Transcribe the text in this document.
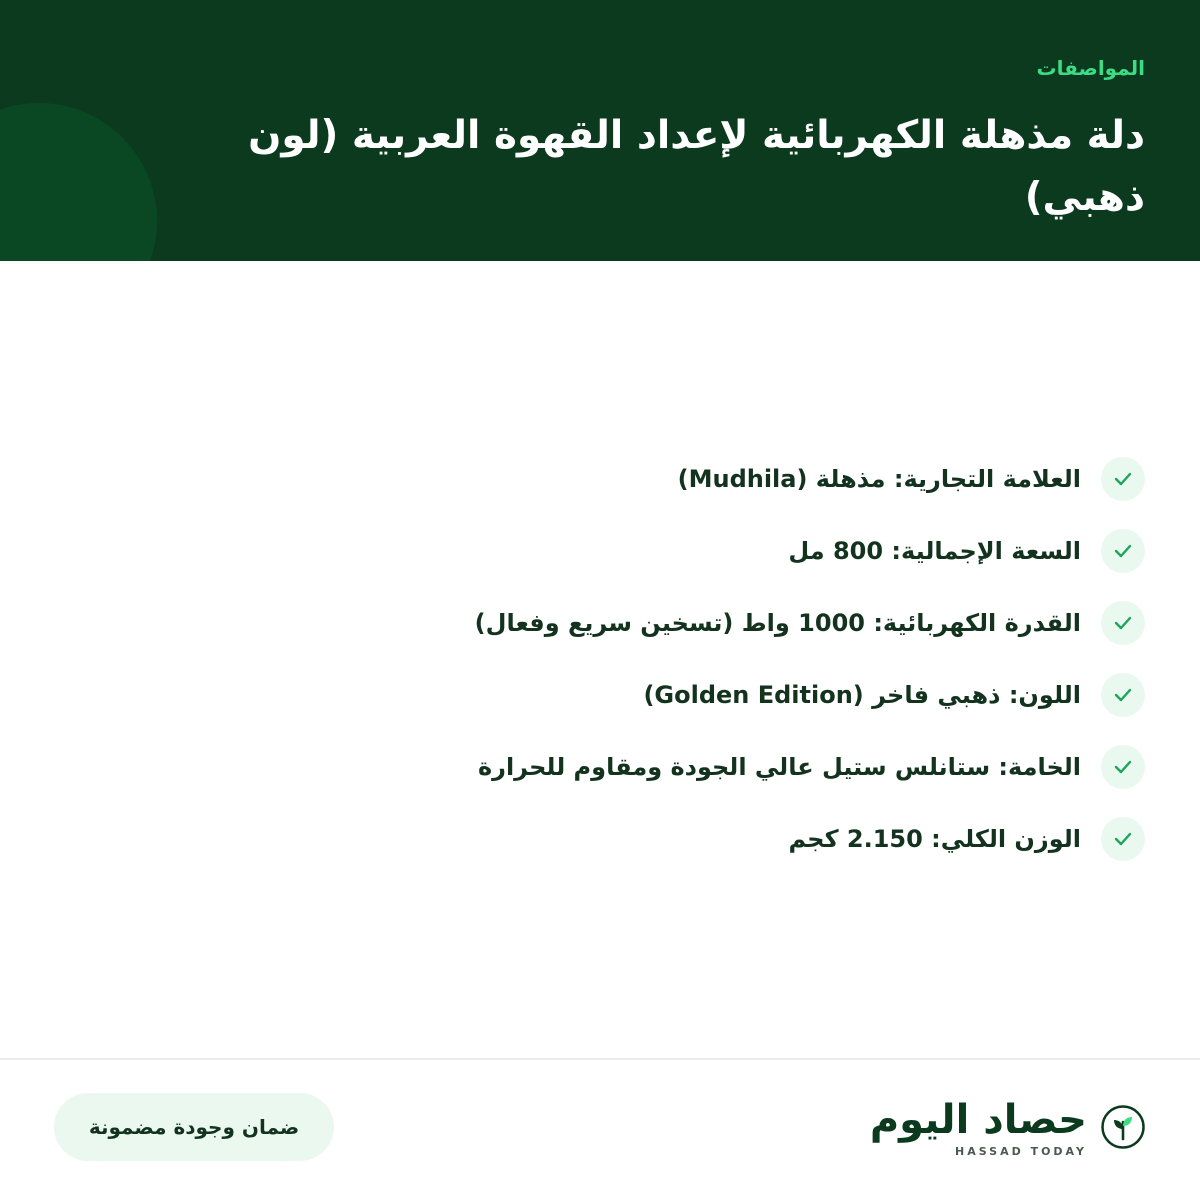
المواصفات
دلة مذهلة الكهربائية لإعداد القهوة العربية (لون ذهبي)
العلامة التجارية: مذهلة (Mudhila)
السعة الإجمالية: 800 مل
القدرة الكهربائية: 1000 واط (تسخين سريع وفعال)
اللون: ذهبي فاخر (Golden Edition)
الخامة: ستانلس ستيل عالي الجودة ومقاوم للحرارة
الوزن الكلي: 2.150 كجم
ضمان وجودة مضمونة	حصاد اليوم
HASSAD TODAY
